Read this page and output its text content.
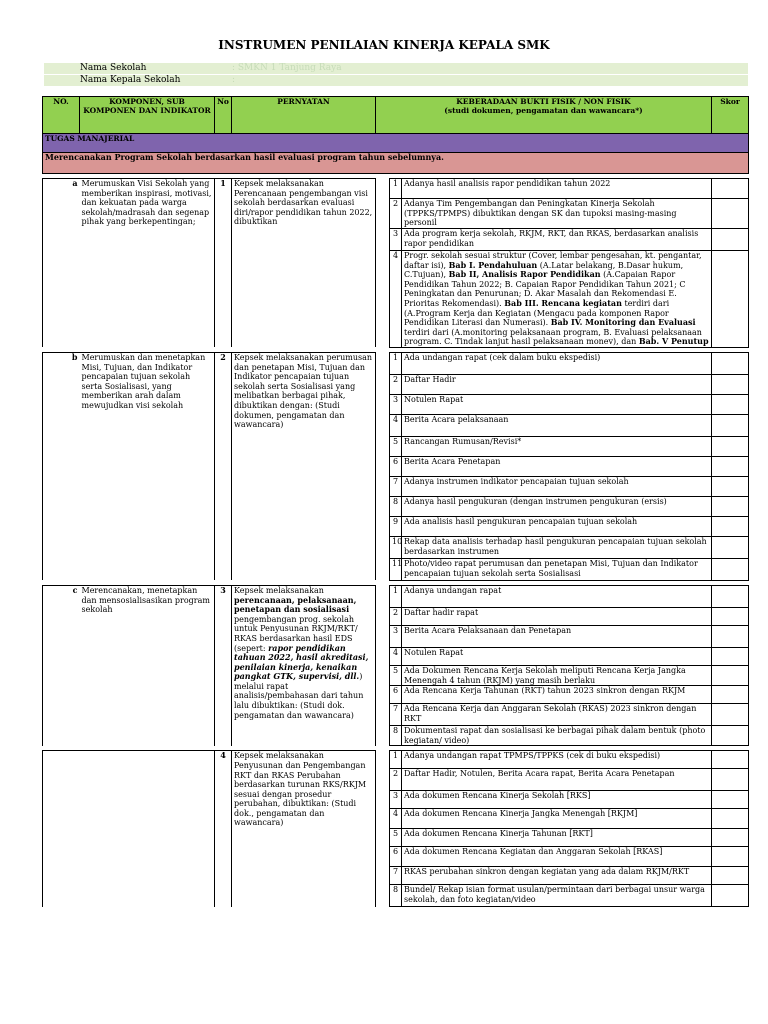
INSTRUMEN PENILAIAN KINERJA KEPALA SMK
Nama Sekolah	: SMKN 1 Tanjung Raya
Nama Kepala Sekolah	:
NO.	KOMPONEN, SUB KOMPONEN DAN INDIKATOR	No	PERNYATAN	KEBERADAAN BUKTI FISIK / NON FISIK
(studi dokumen, pengamatan dan wawancara*)			Skor
TUGAS MANAJERIAL							
Merencanakan Program Sekolah berdasarkan hasil evaluasi program tahun sebelumnya.							

a	Merumuskan Visi Sekolah yang memberikan inspirasi, motivasi, dan kekuatan pada warga sekolah/madrasah dan segenap pihak yang berkepentingan;	1	Kepsek melaksanakan Perencanaan pengembangan visi sekolah berdasarkan evaluasi diri/rapor pendidikan tahun 2022, dibuktikan		1	Adanya hasil analisis rapor pendidikan tahun 2022	
					2	Adanya Tim Pengembangan dan Peningkatan Kinerja Sekolah (TPPKS/TPMPS) dibuktikan dengan SK dan tupoksi masing-masing personil	
					3	Ada program kerja sekolah, RKJM, RKT, dan RKAS, berdasarkan analisis rapor pendidikan	
					4	Progr. sekolah sesuai struktur (Cover, lembar pengesahan, kt. pengantar, daftar isi), Bab I. Pendahuluan (A.Latar belakang, B.Dasar hukum, C.Tujuan), Bab II, Analisis Rapor Pendidikan (A.Capaian Rapor Pendidikan Tahun 2022; B. Capaian Rapor Pendidikan Tahun 2021; C Peningkatan dan Penurunan; D. Akar Masalah dan Rekomendasi E. Prioritas Rekomendasi). Bab III. Rencana kegiatan terdiri dari (A.Program Kerja dan Kegiatan (Mengacu pada komponen Rapor Pendidikan Literasi dan Numerasi). Bab IV. Monitoring dan Evaluasi terdiri dari (A.monitoring pelaksanaan program, B. Evaluasi pelaksanaan program. C. Tindak lanjut hasil pelaksanaan monev), dan Bab. V Penutup	

b	Merumuskan dan menetapkan Misi, Tujuan, dan Indikator pencapaian tujuan sekolah serta Sosialisasi, yang memberikan arah dalam mewujudkan visi sekolah	2	Kepsek melaksanakan perumusan dan penetapan Misi, Tujuan dan Indikator pencapaian tujuan sekolah serta Sosialisasi yang melibatkan berbagai pihak, dibuktikan dengan: (Studi dokumen, pengamatan dan wawancara)		1	Ada undangan rapat (cek dalam buku ekspedisi)	
					2	Daftar Hadir	
					3	Notulen Rapat	
					4	Berita Acara pelaksanaan	
					5	Rancangan Rumusan/Revisi*	
					6	Berita Acara Penetapan	
					7	Adanya instrumen indikator pencapaian tujuan sekolah	
					8	Adanya hasil pengukuran (dengan instrumen pengukuran (ersis)	
					9	Ada analisis hasil pengukuran pencapaian tujuan sekolah	
					10	Rekap data analisis terhadap hasil pengukuran pencapaian tujuan sekolah berdasarkan instrumen	
					11	Photo/video rapat perumusan dan penetapan Misi, Tujuan dan Indikator pencapaian tujuan sekolah serta Sosialisasi	

c	Merencanakan, menetapkan dan mensosialisasikan program sekolah	3	Kepsek melaksanakan perencanaan, pelaksanaan, penetapan dan sosialisasi pengembangan prog. sekolah untuk Penyusunan RKJM/RKT/ RKAS berdasarkan hasil EDS (sepert: rapor pendidikan tahuan 2022, hasil akreditasi, penilaian kinerja, kenaikan pangkat GTK, supervisi, dll.) melalui rapat analisis/pembahasan dari tahun lalu dibuktikan: (Studi dok. pengamatan dan wawancara)		1	Adanya undangan rapat	
					2	Daftar hadir rapat	
					3	Berita Acara Pelaksanaan dan Penetapan	
					4	Notulen Rapat	
					5	Ada Dokumen Rencana Kerja Sekolah meliputi Rencana Kerja Jangka Menengah 4 tahun (RKJM) yang masih berlaku	
					6	Ada Rencana Kerja Tahunan (RKT) tahun 2023 sinkron dengan RKJM	
					7	Ada Rencana Kerja dan Anggaran Sekolah (RKAS) 2023 sinkron dengan RKT	
					8	Dokumentasi rapat dan sosialisasi ke berbagai pihak dalam bentuk (photo kegiatan/ video)	

		4	Kepsek melaksanakan Penyusunan dan Pengembangan RKT dan RKAS Perubahan berdasarkan turunan RKS/RKJM sesuai dengan prosedur perubahan, dibuktikan: (Studi dok., pengamatan dan wawancara)		1	Adanya undangan rapat TPMPS/TPPKS (cek di buku ekspedisi)	
					2	Daftar Hadir, Notulen, Berita Acara rapat, Berita Acara Penetapan	
					3	Ada dokumen Rencana Kinerja Sekolah [RKS]	
					4	Ada dokumen Rencana Kinerja Jangka Menengah [RKJM]	
					5	Ada dokumen Rencana Kinerja Tahunan [RKT]	
					6	Ada dokumen Rencana Kegiatan dan Anggaran Sekolah [RKAS]	
					7	RKAS perubahan sinkron dengan kegiatan yang ada dalam RKJM/RKT	
					8	Bundel/ Rekap isian format usulan/permintaan dari berbagai unsur warga sekolah, dan foto kegiatan/video	
